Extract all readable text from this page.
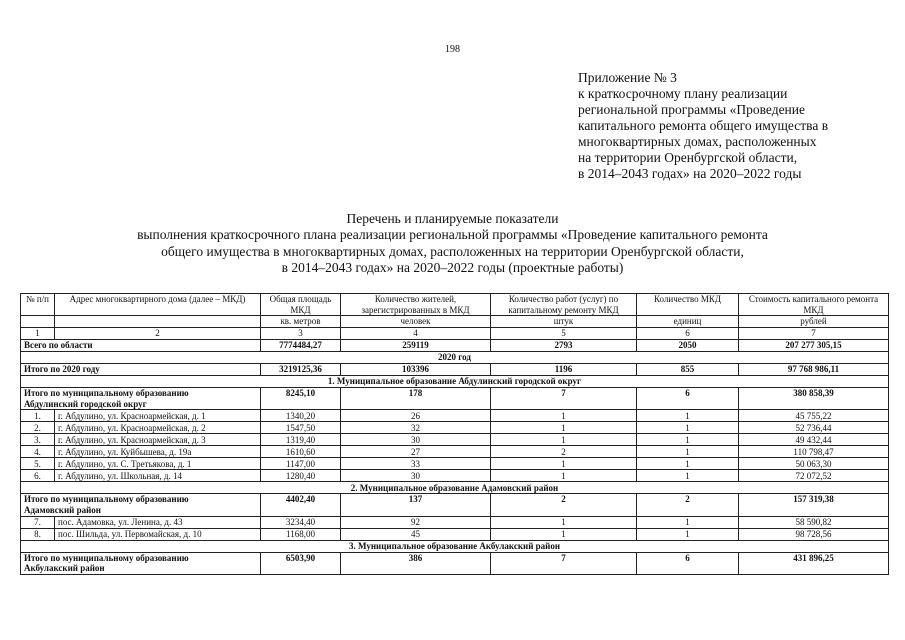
198
Приложение № 3
к краткосрочному плану реализации
региональной программы «Проведение
капитального ремонта общего имущества в
многоквартирных домах, расположенных
на территории Оренбургской области,
в 2014–2043 годах» на 2020–2022 годы
Перечень и планируемые показатели
выполнения краткосрочного плана реализации региональной программы «Проведение капитального ремонта
общего имущества в многоквартирных домах, расположенных на территории Оренбургской области,
в 2014–2043 годах» на 2020–2022 годы (проектные работы)
№ п/п	Адрес многоквартирного дома (далее – МКД)	Общая площадь МКД	Количество жителей, зарегистрированных в МКД	Количество работ (услуг) по капитальному ремонту МКД	Количество МКД	Стоимость капитального ремонта МКД
		кв. метров	человек	штук	единиц	рублей
1	2	3	4	5	6	7
Всего по области		7774484,27	259119	2793	2050	207 277 305,15
2020 год						
Итого по 2020 году		3219125,36	103396	1196	855	97 768 986,11
1. Муниципальное образование Абдулинский городской округ						

Итого по муниципальному образованию
Абдулинский городской округ		8245,10	178	7	6	380 858,39
1.	г. Абдулино, ул. Красноармейская, д. 1	1340,20	26	1	1	45 755,22
2.	г. Абдулино, ул. Красноармейская, д. 2	1547,50	32	1	1	52 736,44
3.	г. Абдулино, ул. Красноармейская, д. 3	1319,40	30	1	1	49 432,44
4.	г. Абдулино, ул. Куйбышева, д. 19а	1610,60	27	2	1	110 798,47
5.	г. Абдулино, ул. С. Третьякова, д. 1	1147,00	33	1	1	50 063,30
6.	г. Абдулино, ул. Школьная, д. 14	1280,40	30	1	1	72 072,52
2. Муниципальное образование Адамовский район						

Итого по муниципальному образованию
Адамовский район		4402,40	137	2	2	157 319,38
7.	пос. Адамовка, ул. Ленина, д. 43	3234,40	92	1	1	58 590,82
8.	пос. Шильда, ул. Первомайская, д. 10	1168,00	45	1	1	98 728,56
3. Муниципальное образование Акбулакский район						

Итого по муниципальному образованию
Акбулакский район		6503,90	386	7	6	431 896,25
